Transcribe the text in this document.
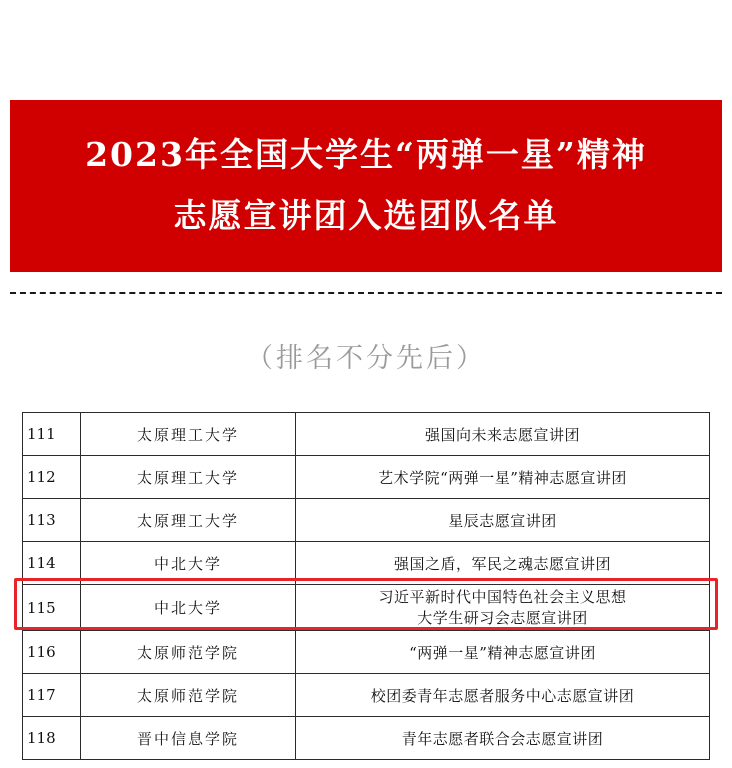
2023年全国大学生“两弹一星”精神
志愿宣讲团入选团队名单
（排名不分先后）
111	太原理工大学	强国向未来志愿宣讲团
112	太原理工大学	艺术学院“两弹一星”精神志愿宣讲团
113	太原理工大学	星辰志愿宣讲团
114	中北大学	强国之盾，军民之魂志愿宣讲团
115	中北大学	习近平新时代中国特色社会主义思想
大学生研习会志愿宣讲团

116	太原师范学院	“两弹一星”精神志愿宣讲团
117	太原师范学院	校团委青年志愿者服务中心志愿宣讲团
118	晋中信息学院	青年志愿者联合会志愿宣讲团
